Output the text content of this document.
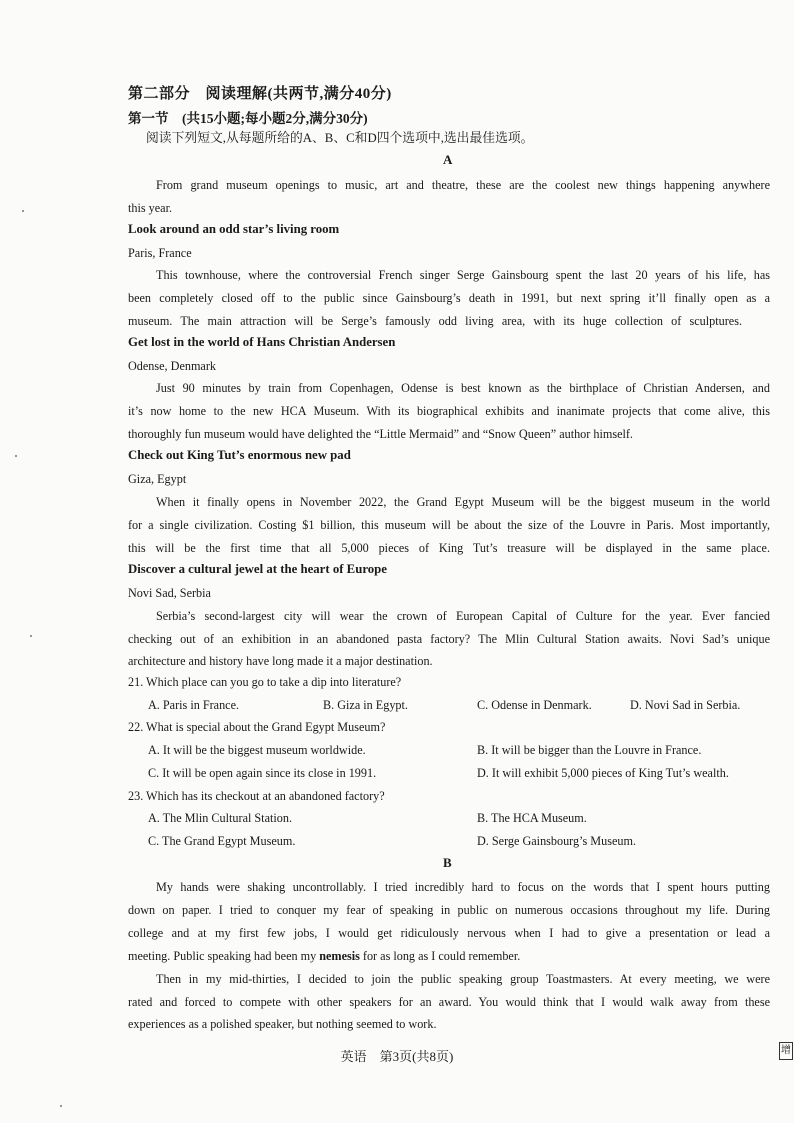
第二部分　阅读理解(共两节,满分40分)
第一节　(共15小题;每小题2分,满分30分)
阅读下列短文,从每题所给的A、B、C和D四个选项中,选出最佳选项。
A
From grand museum openings to music, art and theatre, these are the coolest new things happening anywhere
this year.
Look around an odd star’s living room
Paris, France
This townhouse, where the controversial French singer Serge Gainsbourg spent the last 20 years of his life, has
been completely closed off to the public since Gainsbourg’s death in 1991, but next spring it’ll finally open as a
museum. The main attraction will be Serge’s famously odd living area, with its huge collection of sculptures.
Get lost in the world of Hans Christian Andersen
Odense, Denmark
Just 90 minutes by train from Copenhagen, Odense is best known as the birthplace of Christian Andersen, and
it’s now home to the new HCA Museum. With its biographical exhibits and inanimate projects that come alive, this
thoroughly fun museum would have delighted the “Little Mermaid” and “Snow Queen” author himself.
Check out King Tut’s enormous new pad
Giza, Egypt
When it finally opens in November 2022, the Grand Egypt Museum will be the biggest museum in the world
for a single civilization. Costing $1 billion, this museum will be about the size of the Louvre in Paris. Most importantly,
this will be the first time that all 5,000 pieces of King Tut’s treasure will be displayed in the same place.
Discover a cultural jewel at the heart of Europe
Novi Sad, Serbia
Serbia’s second-largest city will wear the crown of European Capital of Culture for the year. Ever fancied
checking out of an exhibition in an abandoned pasta factory? The Mlin Cultural Station awaits. Novi Sad’s unique
architecture and history have long made it a major destination.
21. Which place can you go to take a dip into literature?
A. Paris in France.	B. Giza in Egypt.	C. Odense in Denmark.	D. Novi Sad in Serbia.
22. What is special about the Grand Egypt Museum?
A. It will be the biggest museum worldwide.	B. It will be bigger than the Louvre in France.
C. It will be open again since its close in 1991.	D. It will exhibit 5,000 pieces of King Tut’s wealth.
23. Which has its checkout at an abandoned factory?
A. The Mlin Cultural Station.	B. The HCA Museum.
C. The Grand Egypt Museum.	D. Serge Gainsbourg’s Museum.
B
My hands were shaking uncontrollably. I tried incredibly hard to focus on the words that I spent hours putting
down on paper. I tried to conquer my fear of speaking in public on numerous occasions throughout my life. During
college and at my first few jobs, I would get ridiculously nervous when I had to give a presentation or lead a
meeting. Public speaking had been my nemesis for as long as I could remember.
Then in my mid-thirties, I decided to join the public speaking group Toastmasters. At every meeting, we were
rated and forced to compete with other speakers for an award. You would think that I would walk away from these
experiences as a polished speaker, but nothing seemed to work.
英语　第3页(共8页)	增
